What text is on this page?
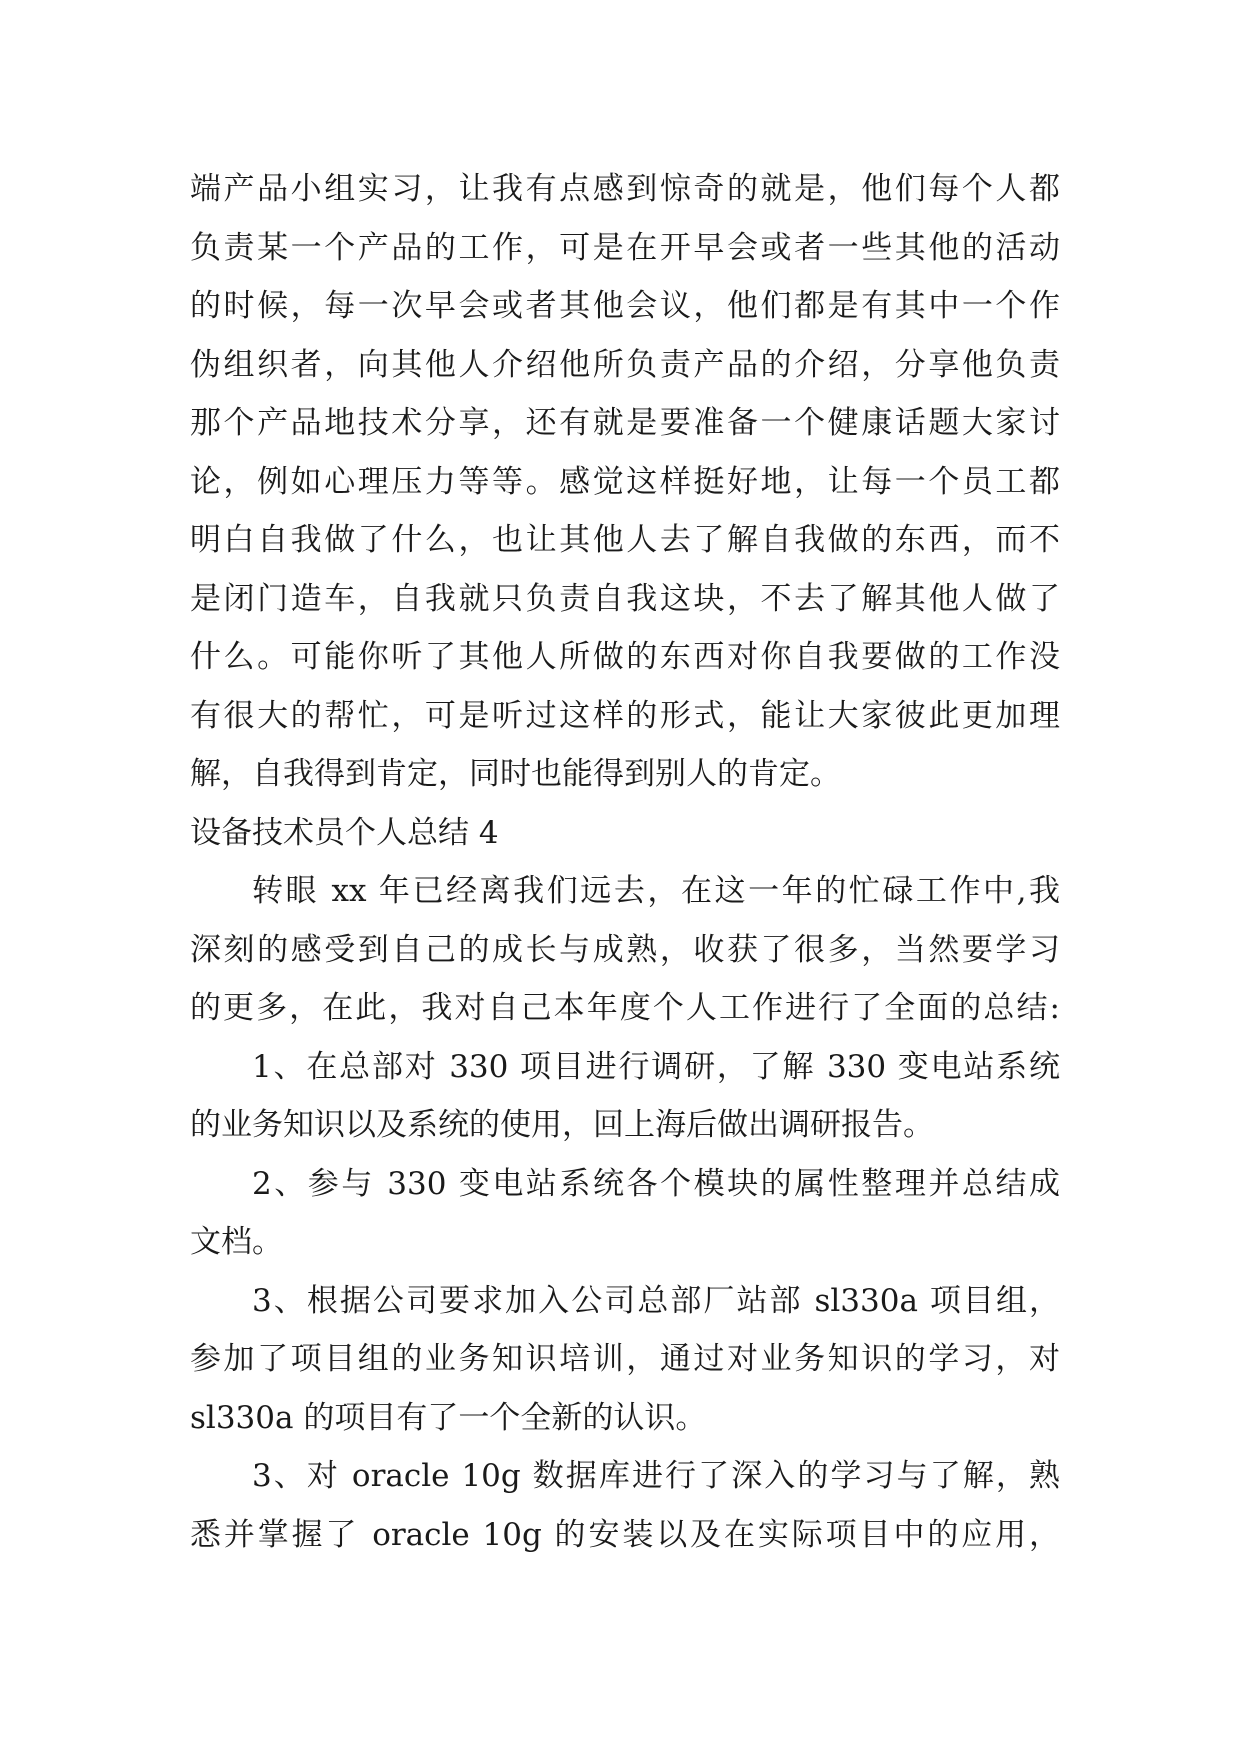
端产品小组实习，让我有点感到惊奇的就是，他们每个人都
负责某一个产品的工作，可是在开早会或者一些其他的活动
的时候，每一次早会或者其他会议，他们都是有其中一个作
伪组织者，向其他人介绍他所负责产品的介绍，分享他负责
那个产品地技术分享，还有就是要准备一个健康话题大家讨
论，例如心理压力等等。感觉这样挺好地，让每一个员工都
明白自我做了什么，也让其他人去了解自我做的东西，而不
是闭门造车，自我就只负责自我这块，不去了解其他人做了
什么。可能你听了其他人所做的东西对你自我要做的工作没
有很大的帮忙，可是听过这样的形式，能让大家彼此更加理
解，自我得到肯定，同时也能得到别人的肯定。
设备技术员个人总结 4
转眼 xx 年已经离我们远去，在这一年的忙碌工作中,我
深刻的感受到自己的成长与成熟，收获了很多，当然要学习
的更多，在此，我对自己本年度个人工作进行了全面的总结:
1、在总部对 330 项目进行调研，了解 330 变电站系统
的业务知识以及系统的使用，回上海后做出调研报告。
2、参与 330 变电站系统各个模块的属性整理并总结成
文档。
3、根据公司要求加入公司总部厂站部 sl330a 项目组，
参加了项目组的业务知识培训，通过对业务知识的学习，对
sl330a 的项目有了一个全新的认识。
3、对 oracle 10g 数据库进行了深入的学习与了解，熟
悉并掌握了 oracle 10g 的安装以及在实际项目中的应用，
